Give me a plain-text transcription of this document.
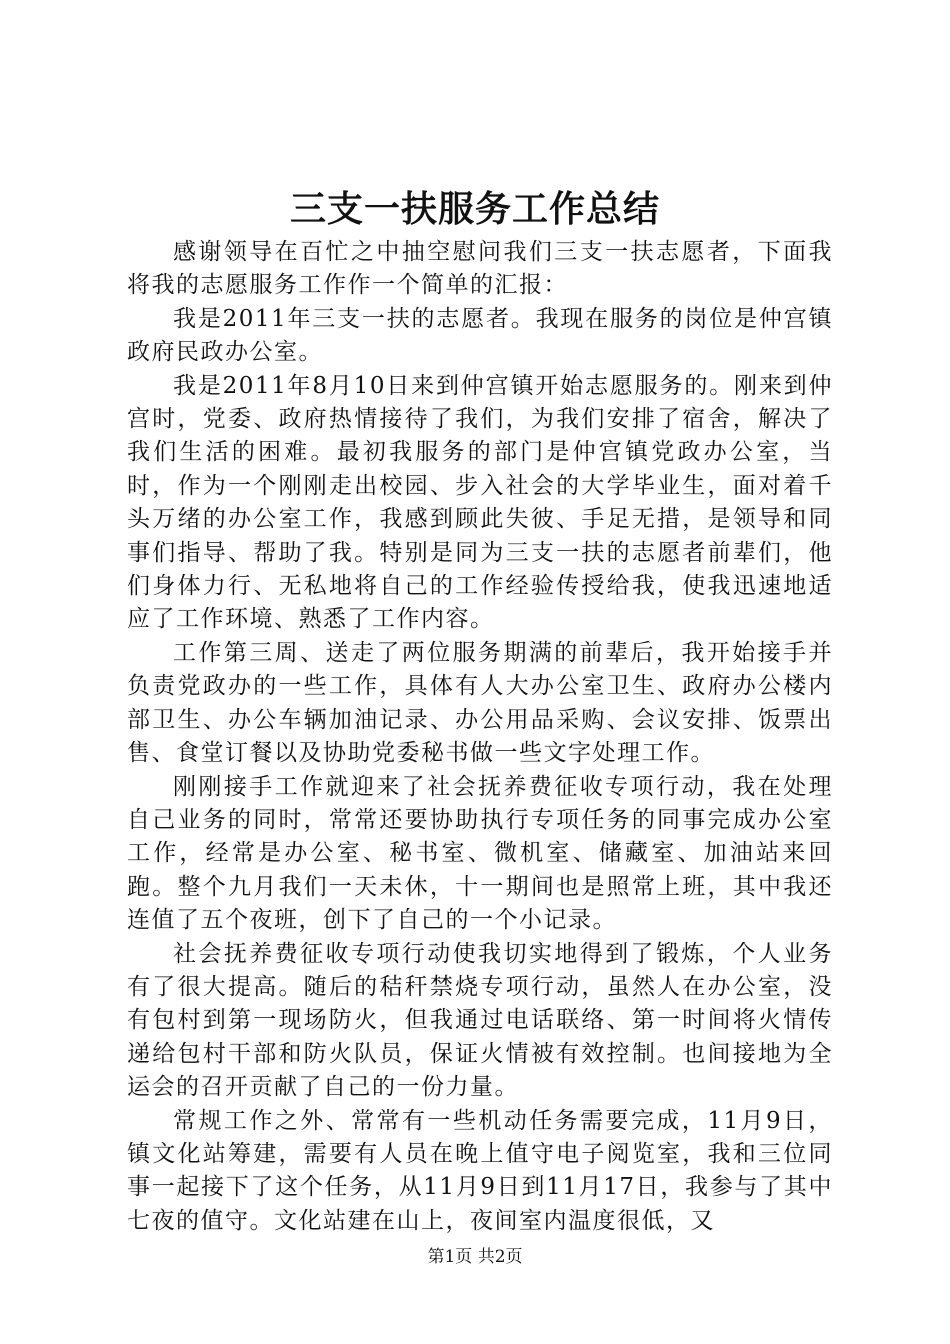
三支一扶服务工作总结

感谢领导在百忙之中抽空慰问我们三支一扶志愿者，下面我将我的志愿服务工作作一个简单的汇报：

我是2011年三支一扶的志愿者。我现在服务的岗位是仲宫镇政府民政办公室。

我是2011年8月10日来到仲宫镇开始志愿服务的。刚来到仲宫时，党委、政府热情接待了我们，为我们安排了宿舍，解决了我们生活的困难。最初我服务的部门是仲宫镇党政办公室，当时，作为一个刚刚走出校园、步入社会的大学毕业生，面对着千头万绪的办公室工作，我感到顾此失彼、手足无措，是领导和同事们指导、帮助了我。特别是同为三支一扶的志愿者前辈们，他们身体力行、无私地将自己的工作经验传授给我，使我迅速地适应了工作环境、熟悉了工作内容。

工作第三周、送走了两位服务期满的前辈后，我开始接手并负责党政办的一些工作，具体有人大办公室卫生、政府办公楼内部卫生、办公车辆加油记录、办公用品采购、会议安排、饭票出售、食堂订餐以及协助党委秘书做一些文字处理工作。

刚刚接手工作就迎来了社会抚养费征收专项行动，我在处理自己业务的同时，常常还要协助执行专项任务的同事完成办公室工作，经常是办公室、秘书室、微机室、储藏室、加油站来回跑。整个九月我们一天未休，十一期间也是照常上班，其中我还连值了五个夜班，创下了自己的一个小记录。

社会抚养费征收专项行动使我切实地得到了锻炼，个人业务有了很大提高。随后的秸秆禁烧专项行动，虽然人在办公室，没有包村到第一现场防火，但我通过电话联络、第一时间将火情传递给包村干部和防火队员，保证火情被有效控制。也间接地为全运会的召开贡献了自己的一份力量。

常规工作之外、常常有一些机动任务需要完成，11月9日，镇文化站筹建，需要有人员在晚上值守电子阅览室，我和三位同事一起接下了这个任务，从11月9日到11月17日，我参与了其中七夜的值守。文化站建在山上，夜间室内温度很低，又

第1页 共2页
